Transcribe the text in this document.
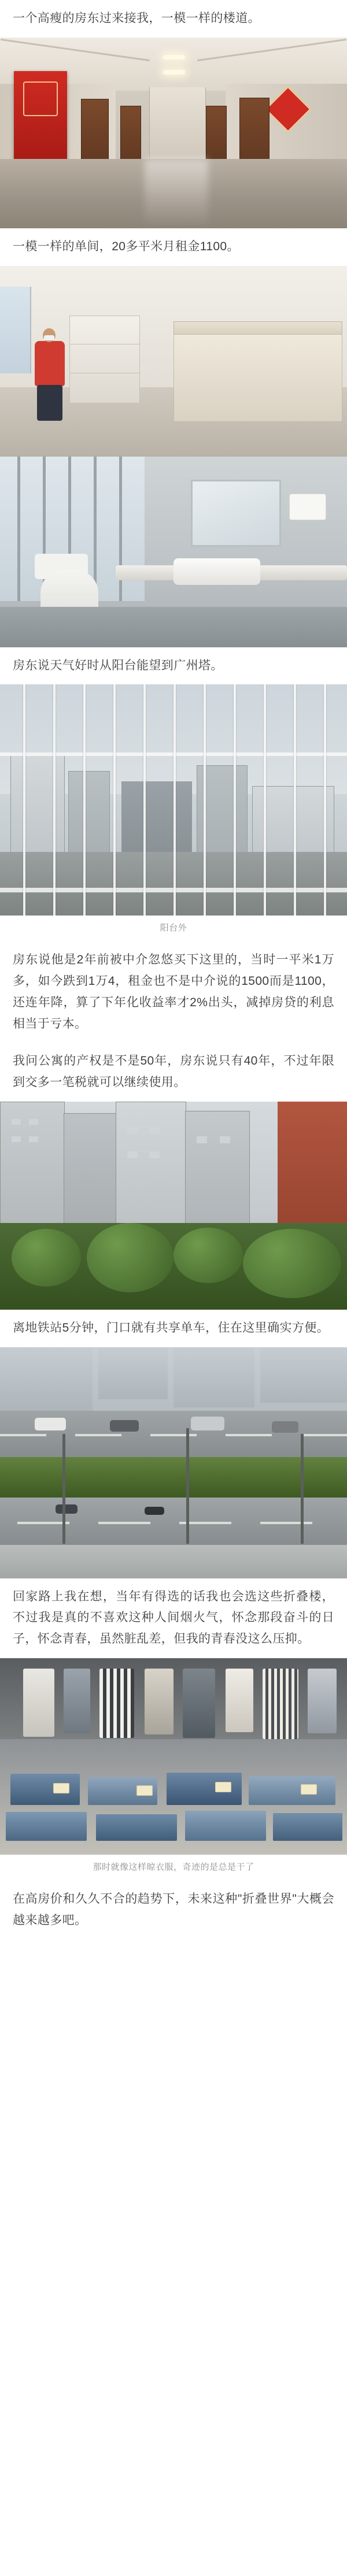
一个高瘦的房东过来接我，一模一样的楼道。
一模一样的单间，20多平米月租金1100。
房东说天气好时从阳台能望到广州塔。
阳台外
房东说他是2年前被中介忽悠买下这里的，当时一平米1万多，如今跌到1万4，租金也不是中介说的1500而是1100，还连年降，算了下年化收益率才2%出头，减掉房贷的利息相当于亏本。
我问公寓的产权是不是50年，房东说只有40年，不过年限到交多一笔税就可以继续使用。
离地铁站5分钟，门口就有共享单车，住在这里确实方便。
回家路上我在想，当年有得选的话我也会选这些折叠楼， 不过我是真的不喜欢这种人间烟火气，怀念那段奋斗的日子，怀念青春，虽然脏乱差，但我的青春没这么压抑。
那时就像这样晾衣服，奇迹的是总是干了
在高房价和久久不合的趋势下，未来这种"折叠世界"大概会越来越多吧。
